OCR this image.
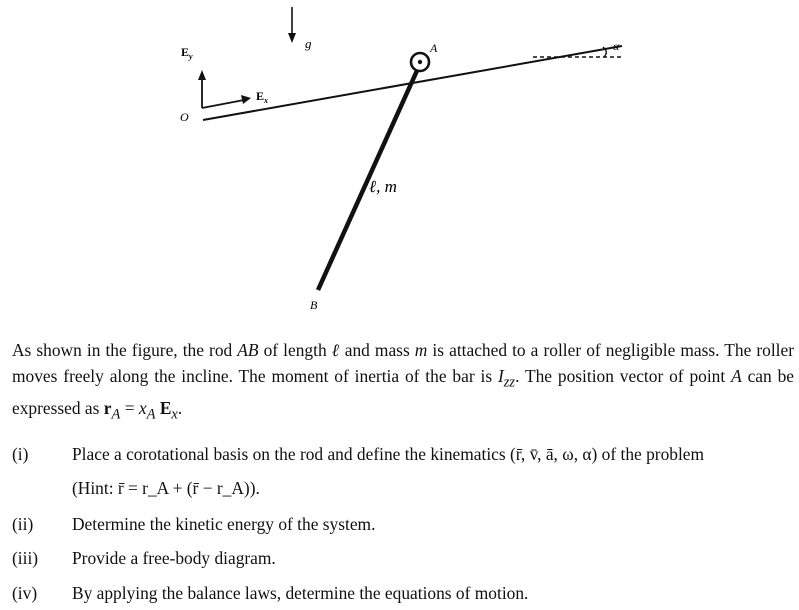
$E_y$
$E_x$
O
g	A
B
ℓ, m
α

As shown in the figure, the rod AB of length ℓ and mass m is attached to a roller of negligible mass. The roller moves freely along the incline. The moment of inertia of the bar is $I_{zz}$. The position vector of point A can be expressed as $r_A = x_A$ $E_x$.

(i)	Place a corotational basis on the rod and define the kinematics (r̄, v̄, ā, ω, α) of the problem
(Hint: r̄ = r_A + (r̄ − r_A)).
(ii) Determine the kinetic energy of the system.
(iii) Provide a free-body diagram.
(iv) By applying the balance laws, determine the equations of motion.
